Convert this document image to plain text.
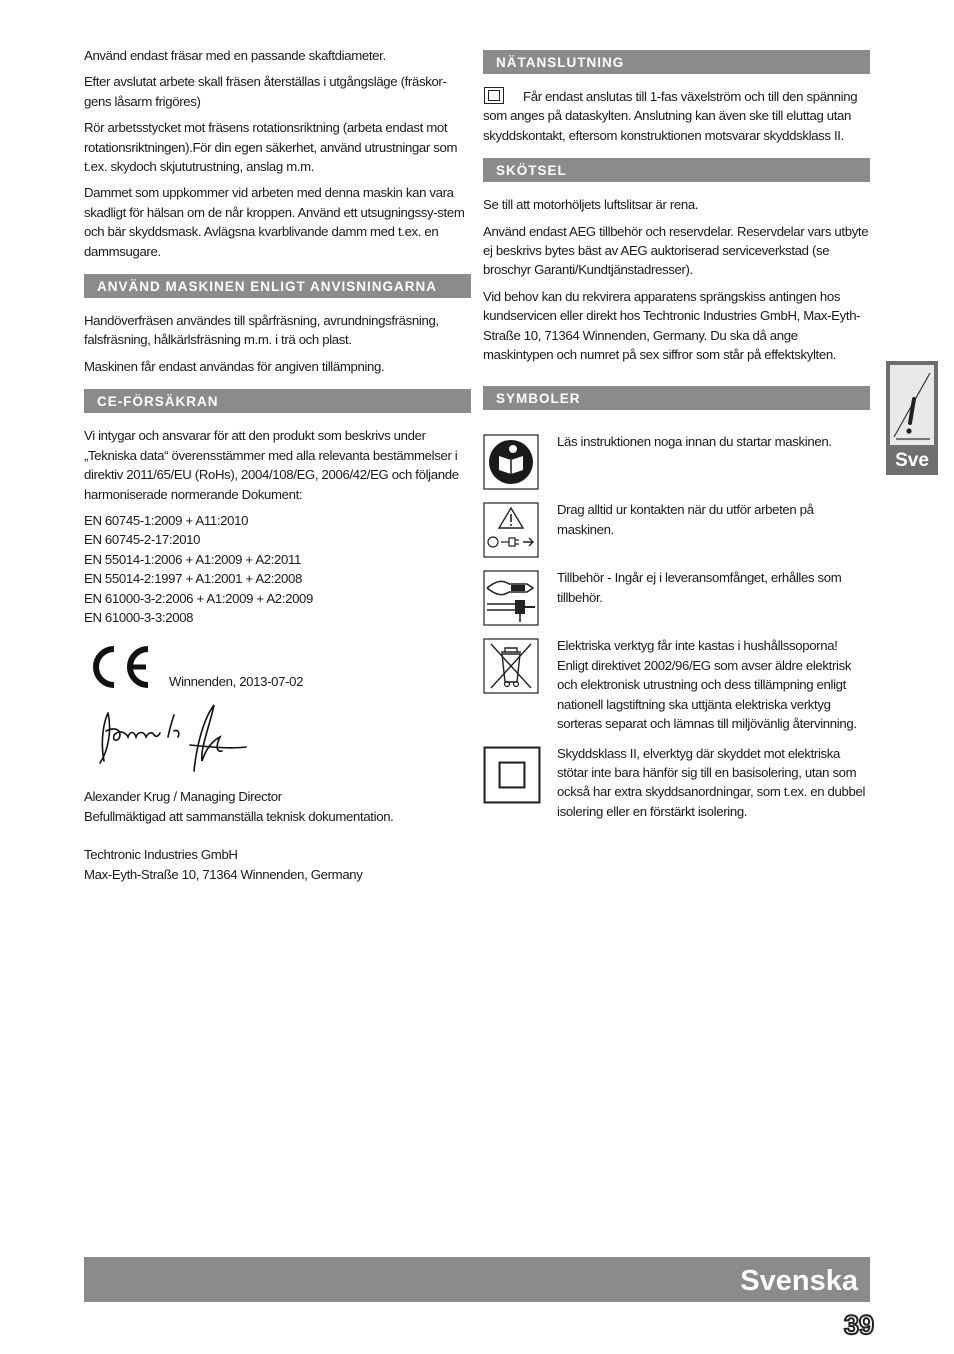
Använd endast fräsar med en passande skaftdiameter.

Efter avslutat arbete skall fräsen återställas i utgångsläge (fräskor-gens låsarm frigöres)

Rör arbetsstycket mot fräsens rotationsriktning (arbeta endast mot rotationsriktningen).För din egen säkerhet, använd utrustningar som t.ex. skydoch skjututrustning, anslag m.m.

Dammet som uppkommer vid arbeten med denna maskin kan vara skadligt för hälsan om de når kroppen. Använd ett utsugningssy-stem och bär skyddsmask. Avlägsna kvarblivande damm med t.ex. en dammsugare.

ANVÄND MASKINEN ENLIGT ANVISNINGARNA

Handöverfräsen användes till spårfräsning, avrundningsfräsning, falsfräsning, hålkärlsfräsning m.m. i trä och plast.

Maskinen får endast användas för angiven tillämpning.

CE-FÖRSÄKRAN

Vi intygar och ansvarar för att den produkt som beskrivs under „Tekniska data“ överensstämmer med alla relevanta bestämmelser i direktiv 2011/65/EU (RoHs), 2004/108/EG, 2006/42/EG och följande harmoniserade normerande Dokument:

EN 60745-1:2009 + A11:2010
EN 60745-2-17:2010
EN 55014-1:2006 + A1:2009 + A2:2011
EN 55014-2:1997 + A1:2001 + A2:2008
EN 61000-3-2:2006 + A1:2009 + A2:2009
EN 61000-3-3:2008
Winnenden, 2013-07-02
Alexander Krug / Managing Director
Befullmäktigad att sammanställa teknisk dokumentation.
Techtronic Industries GmbH
Max-Eyth-Straße 10, 71364 Winnenden, Germany
NÄTANSLUTNING

Får endast anslutas till 1-fas växelström och till den spänning som anges på dataskylten. Anslutning kan även ske till eluttag utan skyddskontakt, eftersom konstruktionen motsvarar skyddsklass II.

SKÖTSEL

Se till att motorhöljets luftslitsar är rena.

Använd endast AEG tillbehör och reservdelar. Reservdelar vars utbyte ej beskrivs bytes bäst av AEG auktoriserad serviceverkstad (se broschyr Garanti/Kundtjänstadresser).

Vid behov kan du rekvirera apparatens sprängskiss antingen hos kundservicen eller direkt hos Techtronic Industries GmbH, Max-Eyth-Straße 10, 71364 Winnenden, Germany. Du ska då ange maskintypen och numret på sex siffror som står på effektskylten.

SYMBOLER
Läs instruktionen noga innan du startar maskinen.
Drag alltid ur kontakten när du utför arbeten på maskinen.
Tillbehör - Ingår ej i leveransomfånget, erhålles som tillbehör.
Elektriska verktyg får inte kastas i hushållssoporna! Enligt direktivet 2002/96/EG som avser äldre elektrisk och elektronisk utrustning och dess tillämpning enligt nationell lagstiftning ska uttjänta elektriska verktyg sorteras separat och lämnas till miljövänlig återvinning.
Skyddsklass II, elverktyg där skyddet mot elektriska stötar inte bara hänför sig till en basisolering, utan som också har extra skyddsanordningar, som t.ex. en dubbel isolering eller en förstärkt isolering.
Sve
Svenska
39
